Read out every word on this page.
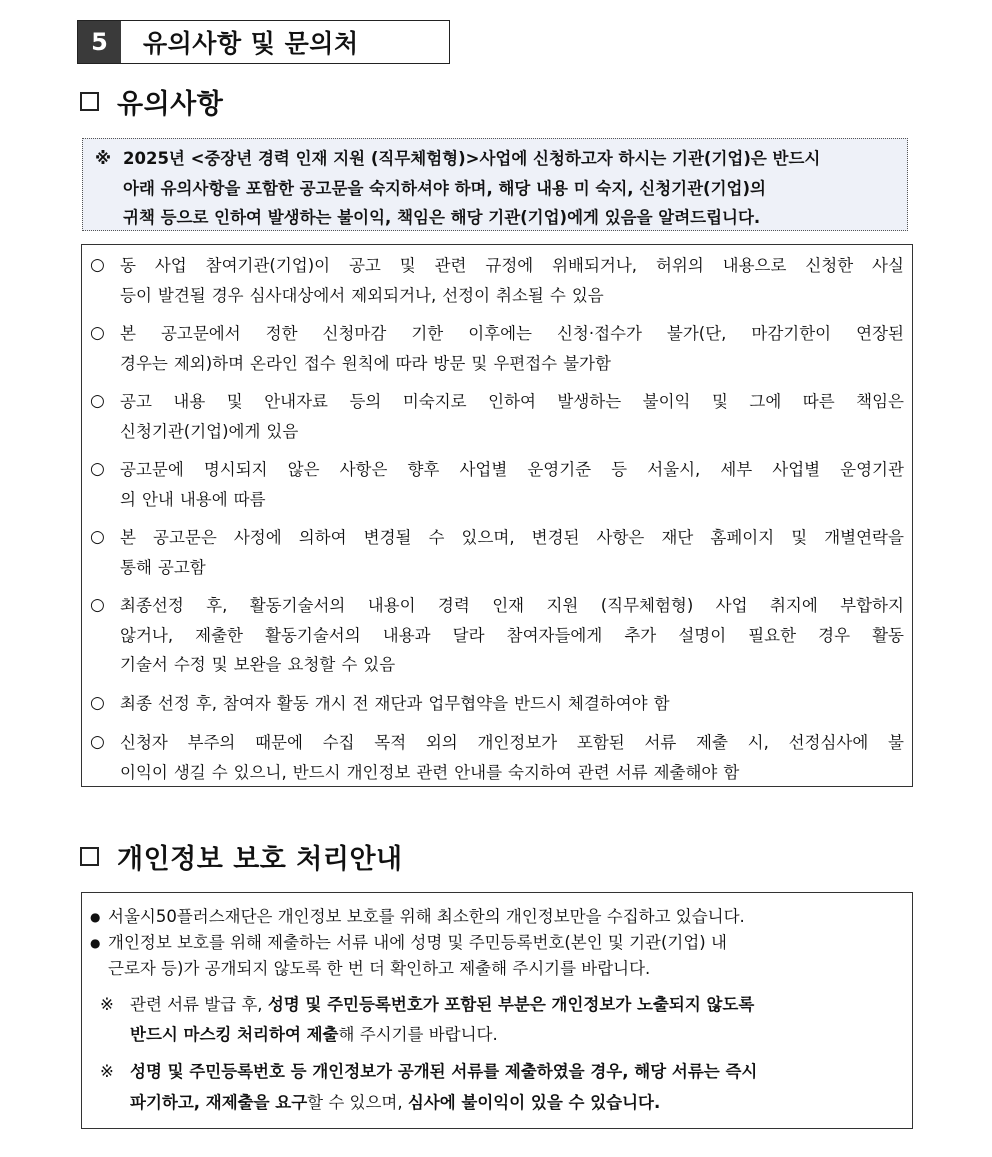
5	유의사항 및 문의처
유의사항
※ 2025년 <중장년 경력 인재 지원 (직무체험형)>사업에 신청하고자 하시는 기관(기업)은 반드시
아래 유의사항을 포함한 공고문을 숙지하셔야 하며, 해당 내용 미 숙지, 신청기관(기업)의
귀책 등으로 인하여 발생하는 불이익, 책임은 해당 기관(기업)에게 있음을 알려드립니다.
○ 동 사업 참여기관(기업)이 공고 및 관련 규정에 위배되거나, 허위의 내용으로 신청한 사실
등이 발견될 경우 심사대상에서 제외되거나, 선정이 취소될 수 있음
○ 본 공고문에서 정한 신청마감 기한 이후에는 신청·접수가 불가(단, 마감기한이 연장된
경우는 제외)하며 온라인 접수 원칙에 따라 방문 및 우편접수 불가함
○ 공고 내용 및 안내자료 등의 미숙지로 인하여 발생하는 불이익 및 그에 따른 책임은
신청기관(기업)에게 있음
○ 공고문에 명시되지 않은 사항은 향후 사업별 운영기준 등 서울시, 세부 사업별 운영기관
의 안내 내용에 따름
○ 본 공고문은 사정에 의하여 변경될 수 있으며, 변경된 사항은 재단 홈페이지 및 개별연락을
통해 공고함
○ 최종선정 후, 활동기술서의 내용이 경력 인재 지원 (직무체험형) 사업 취지에 부합하지
않거나, 제출한 활동기술서의 내용과 달라 참여자들에게 추가 설명이 필요한 경우 활동
기술서 수정 및 보완을 요청할 수 있음
○ 최종 선정 후, 참여자 활동 개시 전 재단과 업무협약을 반드시 체결하여야 함
○ 신청자 부주의 때문에 수집 목적 외의 개인정보가 포함된 서류 제출 시, 선정심사에 불
이익이 생길 수 있으니, 반드시 개인정보 관련 안내를 숙지하여 관련 서류 제출해야 함
개인정보 보호 처리안내
● 서울시50플러스재단은 개인정보 보호를 위해 최소한의 개인정보만을 수집하고 있습니다.
● 개인정보 보호를 위해 제출하는 서류 내에 성명 및 주민등록번호(본인 및 기관(기업) 내
근로자 등)가 공개되지 않도록 한 번 더 확인하고 제출해 주시기를 바랍니다.
※ 관련 서류 발급 후, 성명 및 주민등록번호가 포함된 부분은 개인정보가 노출되지 않도록
반드시 마스킹 처리하여 제출해 주시기를 바랍니다.
※ 성명 및 주민등록번호 등 개인정보가 공개된 서류를 제출하였을 경우, 해당 서류는 즉시
파기하고, 재제출을 요구할 수 있으며, 심사에 불이익이 있을 수 있습니다.
